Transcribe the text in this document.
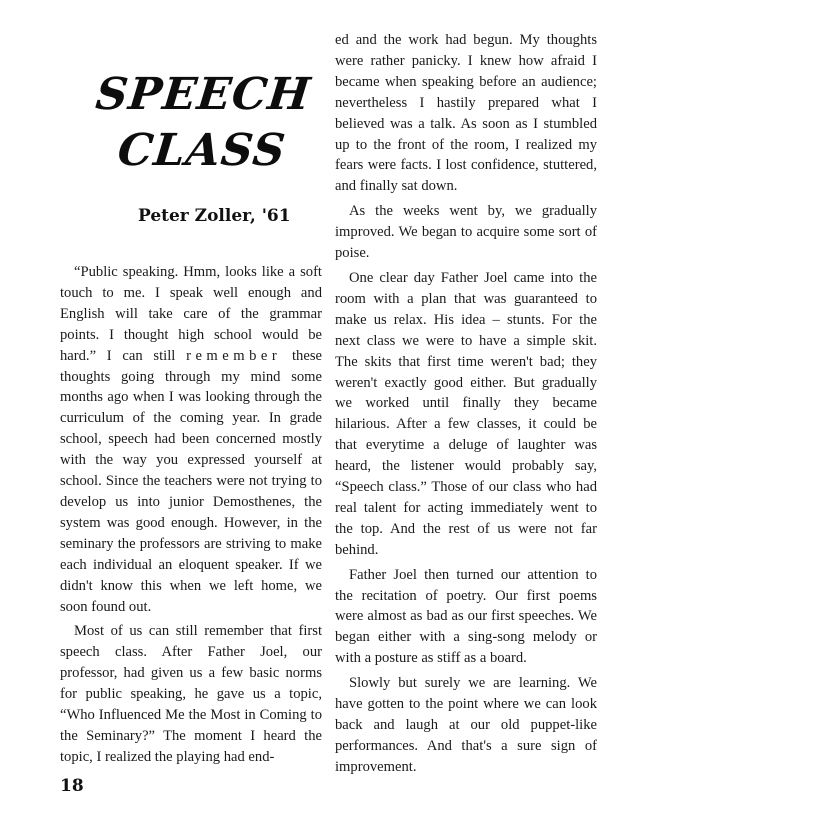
SPEECH
CLASS
Peter Zoller, '61

“Public speaking. Hmm, looks like a soft touch to me. I speak well enough and English will take care of the grammar points. I thought high school would be hard.” I can still remember these thoughts going through my mind some months ago when I was looking through the curriculum of the coming year. In grade school, speech had been concerned mostly with the way you expressed yourself at school. Since the teachers were not trying to develop us into junior Demosthenes, the system was good enough. However, in the seminary the professors are striving to make each individual an eloquent speaker. If we didn't know this when we left home, we soon found out.

Most of us can still remember that first speech class. After Father Joel, our professor, had given us a few basic norms for public speaking, he gave us a topic, “Who Influenced Me the Most in Coming to the Seminary?” The moment I heard the topic, I realized the playing had end-

ed and the work had begun. My thoughts were rather panicky. I knew how afraid I became when speaking before an audience; nevertheless I hastily prepared what I believed was a talk. As soon as I stumbled up to the front of the room, I realized my fears were facts. I lost confidence, stuttered, and finally sat down.

As the weeks went by, we gradually improved. We began to acquire some sort of poise.

One clear day Father Joel came into the room with a plan that was guaranteed to make us relax. His idea – stunts. For the next class we were to have a simple skit. The skits that first time weren't bad; they weren't exactly good either. But gradually we worked until finally they became hilarious. After a few classes, it could be that everytime a deluge of laughter was heard, the listener would probably say, “Speech class.” Those of our class who had real talent for acting immediately went to the top. And the rest of us were not far behind.

Father Joel then turned our attention to the recitation of poetry. Our first poems were almost as bad as our first speeches. We began either with a sing-song melody or with a posture as stiff as a board.

Slowly but surely we are learning. We have gotten to the point where we can look back and laugh at our old puppet-like performances. And that's a sure sign of improvement.

18
